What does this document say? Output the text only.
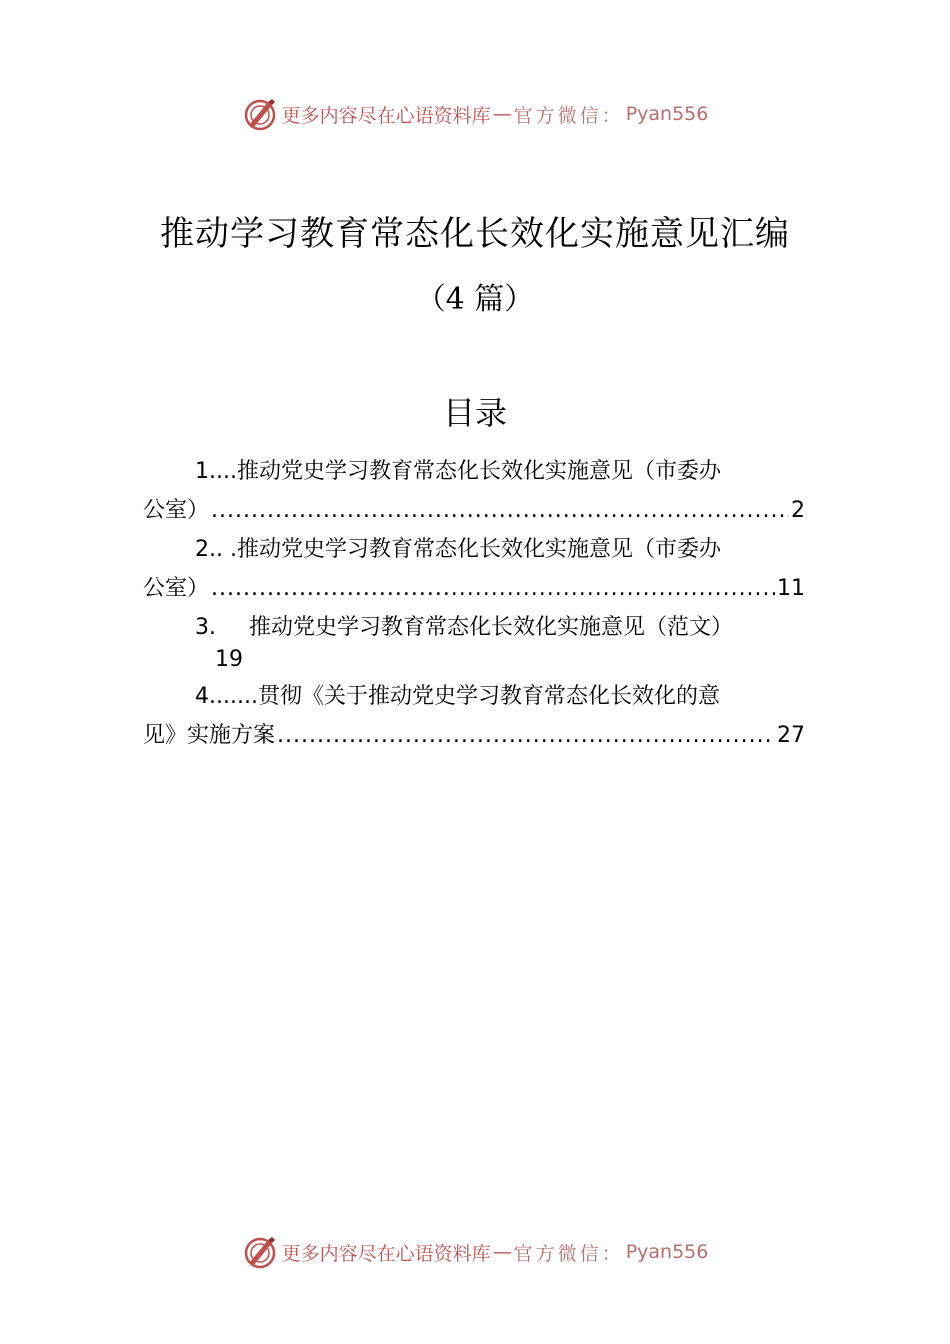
更多内容尽在心语资料库 — 官方微信： Pyan556
推动学习教育常态化长效化实施意见汇编
（4 篇）
目录
1....推动党史学习教育常态化长效化实施意见（市委办
公室） .....	2
2.. .推动党史学习教育常态化长效化实施意见（市委办
公室） .....	11
3.	推动党史学习教育常态化长效化实施意见（范文）
19
4.......贯彻《关于推动党史学习教育常态化长效化的意
见》实施方案 .....	27
更多内容尽在心语资料库 — 官方微信： Pyan556
